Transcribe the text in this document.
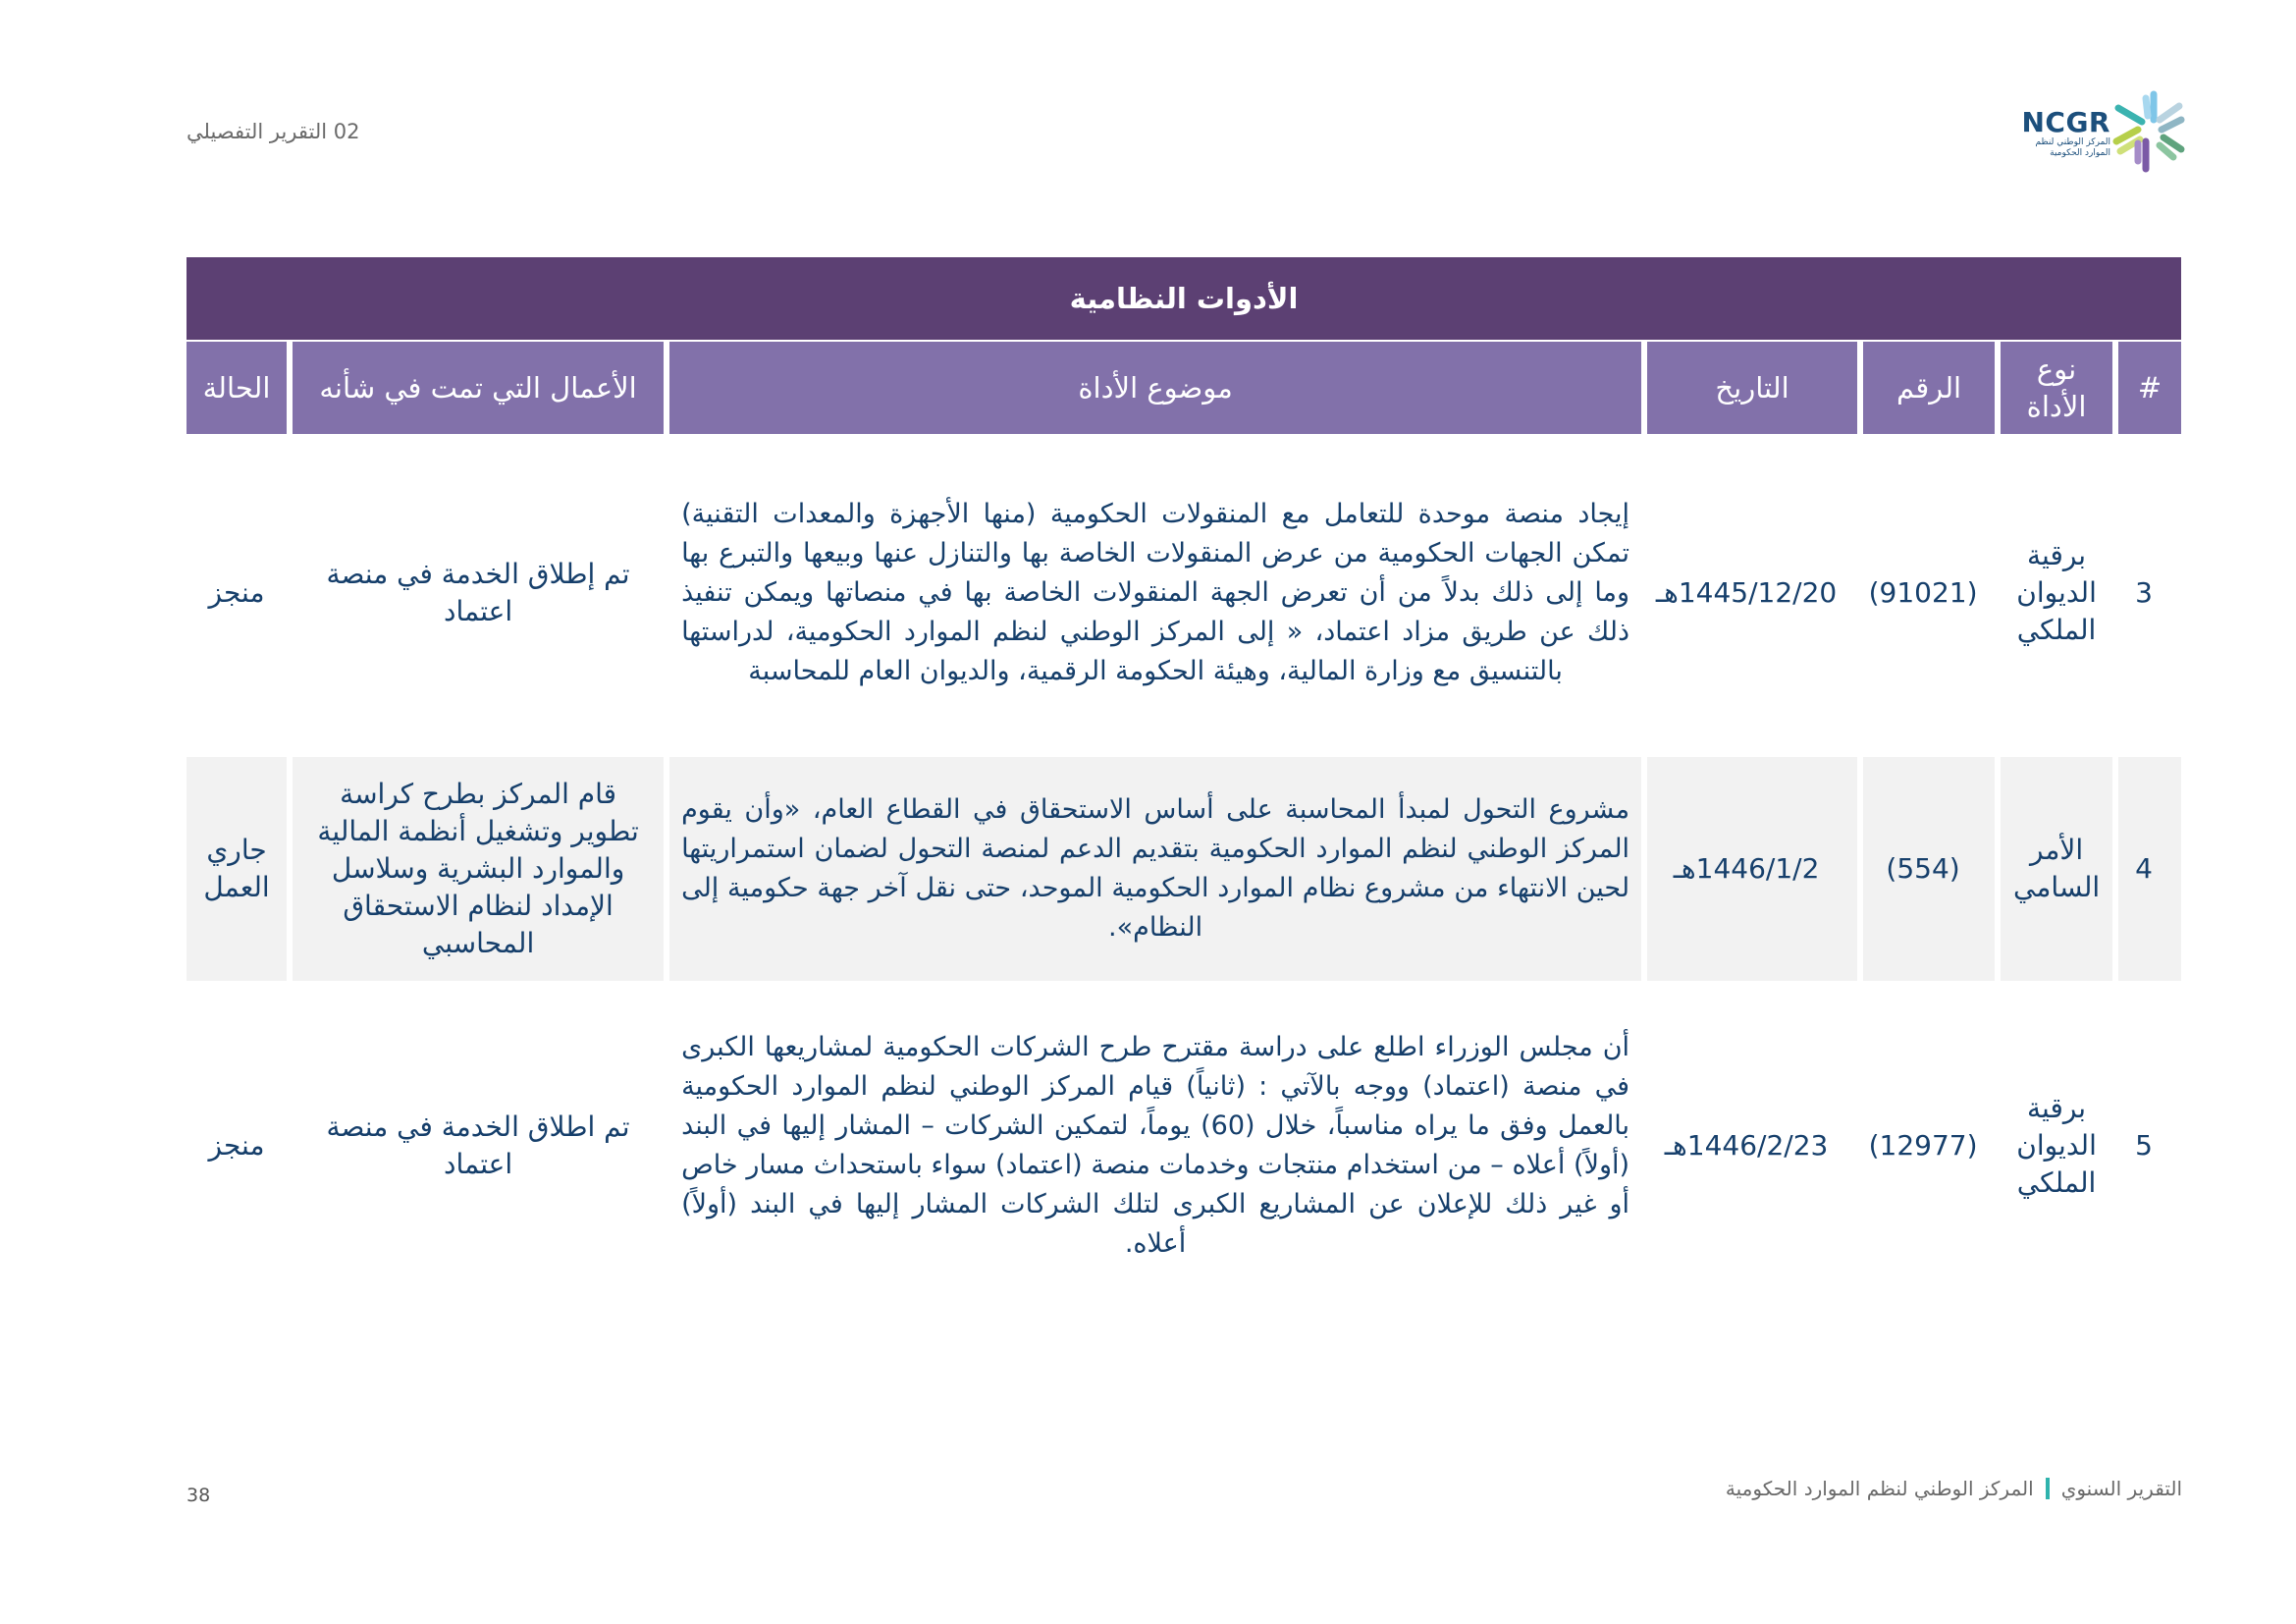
02 التقرير التفصيلي	NCGR
المركز الوطني لنظم
الموارد الحكومية
الأدوات النظامية						
#	نوع الأداة	الرقم	التاريخ	موضوع الأداة	الأعمال التي تمت في شأنه	الحالة
3	برقية الديوان الملكي	(91021)	1445/12/20هـ	إيجاد منصة موحدة للتعامل مع المنقولات الحكومية (منها الأجهزة والمعدات التقنية) تمكن الجهات الحكومية من عرض المنقولات الخاصة بها والتنازل عنها وبيعها والتبرع بها وما إلى ذلك بدلاً من أن تعرض الجهة المنقولات الخاصة بها في منصاتها ويمكن تنفيذ ذلك عن طريق مزاد اعتماد، « إلى المركز الوطني لنظم الموارد الحكومية، لدراستها بالتنسيق مع وزارة المالية، وهيئة الحكومة الرقمية، والديوان العام للمحاسبة	تم إطلاق الخدمة في منصة اعتماد	منجز
4	الأمر السامي	(554)	1446/1/2هـ	مشروع التحول لمبدأ المحاسبة على أساس الاستحقاق في القطاع العام، «وأن يقوم المركز الوطني لنظم الموارد الحكومية بتقديم الدعم لمنصة التحول لضمان استمراريتها لحين الانتهاء من مشروع نظام الموارد الحكومية الموحد، حتى نقل آخر جهة حكومية إلى النظام».	قام المركز بطرح كراسة تطوير وتشغيل أنظمة المالية والموارد البشرية وسلاسل الإمداد لنظام الاستحقاق المحاسبي	جاري العمل
5	برقية الديوان الملكي	(12977)	1446/2/23هـ	أن مجلس الوزراء اطلع على دراسة مقترح طرح الشركات الحكومية لمشاريعها الكبرى في منصة (اعتماد) ووجه بالآتي : (ثانياً) قيام المركز الوطني لنظم الموارد الحكومية بالعمل وفق ما يراه مناسباً، خلال (60) يوماً، لتمكين الشركات – المشار إليها في البند (أولاً) أعلاه – من استخدام منتجات وخدمات منصة (اعتماد) سواء باستحداث مسار خاص أو غير ذلك للإعلان عن المشاريع الكبرى لتلك الشركات المشار إليها في البند (أولاً) أعلاه.	تم اطلاق الخدمة في منصة اعتماد	منجز
التقرير السنوي
المركز الوطني لنظم الموارد الحكومية
38
